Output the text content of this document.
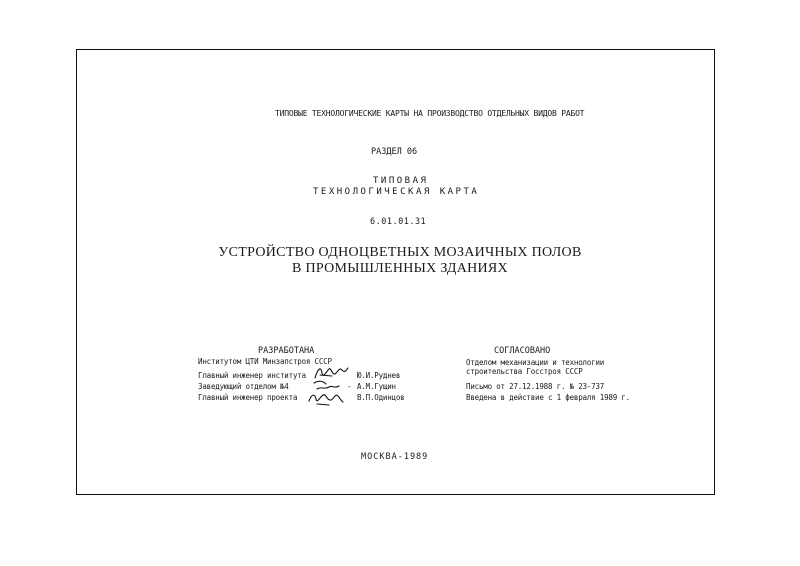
ТИПОВЫЕ ТЕХНОЛОГИЧЕСКИЕ КАРТЫ НА ПРОИЗВОДСТВО ОТДЕЛЬНЫХ ВИДОВ РАБОТ
РАЗДЕЛ 06
ТИПОВАЯ
ТЕХНОЛОГИЧЕСКАЯ КАРТА
6.01.01.31
УСТРОЙСТВО ОДНОЦВЕТНЫХ МОЗАИЧНЫХ ПОЛОВ
В ПРОМЫШЛЕННЫХ ЗДАНИЯХ
РАЗРАБОТАНА
Институтом ЦТИ Минзапстроя СССР
Главный инженер института	Ю.И.Руднев
Заведующий отделом №4	- А.М.Гущин
Главный инженер проекта	В.П.Одинцов
СОГЛАСОВАНО
Отделом механизации и технологии
строительства Госстроя СССР
Письмо от 27.12.1988 г. № 23-737
Введена в действие с 1 февраля 1989 г.
МОСКВА-1989
